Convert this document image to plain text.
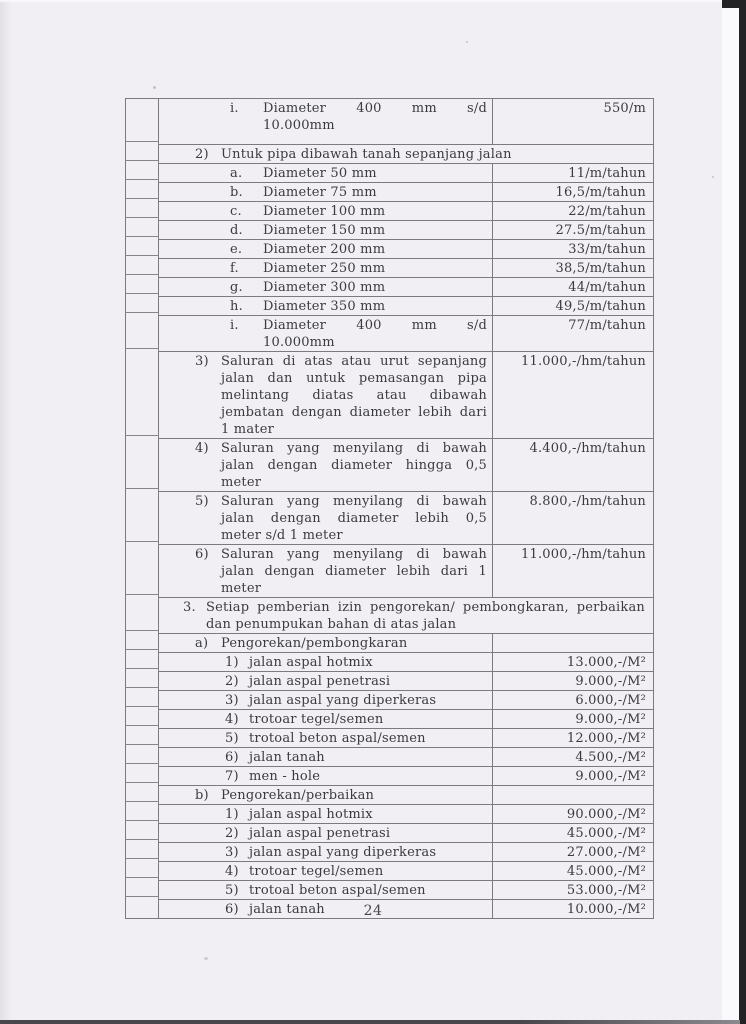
	i. Diameter 400 mm s/d
10.000mm	550/m

	2) Untuk pipa dibawah tanah sepanjang jalan	

	a. Diameter 50 mm	11/m/tahun

	b. Diameter 75 mm	16,5/m/tahun

	c. Diameter 100 mm	22/m/tahun

	d. Diameter 150 mm	27.5/m/tahun

	e. Diameter 200 mm	33/m/tahun

	f. Diameter 250 mm	38,5/m/tahun

	g. Diameter 300 mm	44/m/tahun

	h. Diameter 350 mm	49,5/m/tahun

	i. Diameter 400 mm s/d
10.000mm	77/m/tahun

3) Saluran di atas atau urut sepanjang
jalan dan untuk pemasangan pipa
melintang diatas atau dibawah
jembatan dengan diameter lebih dari
1 mater
	11.000,-/hm/tahun

	4) Saluran yang menyilang di bawah
jalan dengan diameter hingga 0,5
meter	4.400,-/hm/tahun

	5) Saluran yang menyilang di bawah
jalan dengan diameter lebih 0,5
meter s/d 1 meter	8.800,-/hm/tahun

	6) Saluran yang menyilang di bawah
jalan dengan diameter lebih dari 1
meter	11.000,-/hm/tahun

	3. Setiap pemberian izin pengorekan/ pembongkaran, perbaikan
dan penumpukan bahan di atas jalan	

	a) Pengorekan/pembongkaran	

	1) jalan aspal hotmix	13.000,-/M²

	2) jalan aspal penetrasi	9.000,-/M²

	3) jalan aspal yang diperkeras	6.000,-/M²

	4) trotoar tegel/semen	9.000,-/M²

	5) trotoal beton aspal/semen	12.000,-/M²

	6) jalan tanah	4.500,-/M²

	7) men - hole	9.000,-/M²

	b) Pengorekan/perbaikan	

	1) jalan aspal hotmix	90.000,-/M²

	2) jalan aspal penetrasi	45.000,-/M²

	3) jalan aspal yang diperkeras	27.000,-/M²

	4) trotoar tegel/semen	45.000,-/M²

	5) trotoal beton aspal/semen	53.000,-/M²

	6) jalan tanah	10.000,-/M²
24
